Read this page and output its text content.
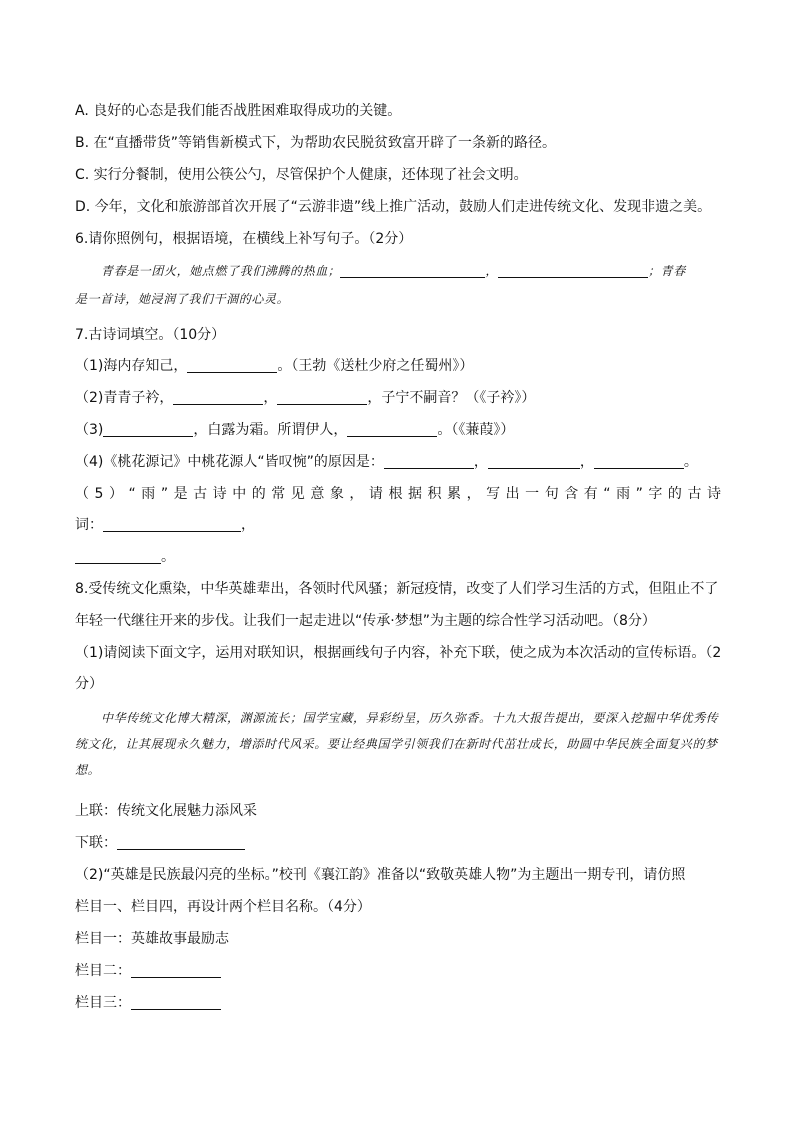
A. 良好的心态是我们能否战胜困难取得成功的关键。
B. 在“直播带货”等销售新模式下，为帮助农民脱贫致富开辟了一条新的路径。
C. 实行分餐制，使用公筷公勺，尽管保护个人健康，还体现了社会文明。
D. 今年，文化和旅游部首次开展了“云游非遗”线上推广活动，鼓励人们走进传统文化、发现非遗之美。
6.请你照例句，根据语境，在横线上补写句子。（2分）
青春是一团火，她点燃了我们沸腾的热血；	，	；青春
是一首诗，她浸润了我们干涸的心灵。
7.古诗词填空。（10分）
（1)海内存知己，	。（王勃《送杜少府之任蜀州》）
（2)青青子衿，	，	，子宁不嗣音？（《子衿》）
（3)	，白露为霜。所谓伊人，	。（《蒹葭》）
（4)《桃花源记》中桃花源人“皆叹惋”的原因是：	，	，	。
（5）“雨”是古诗中的常见意象，请根据积累，写出一句含有“雨”字的古诗
词：	，
。
8.受传统文化熏染，中华英雄辈出，各领时代风骚；新冠疫情，改变了人们学习生活的方式，但阻止不了
年轻一代继往开来的步伐。让我们一起走进以“传承·梦想”为主题的综合性学习活动吧。（8分）
（1)请阅读下面文字，运用对联知识，根据画线句子内容，补充下联，使之成为本次活动的宣传标语。（2
分）
中华传统文化博大精深，渊源流长；国学宝藏，异彩纷呈，历久弥香。十九大报告提出，要深入挖掘中华优秀传统文化，让其展现永久魅力，增添时代风采。要让经典国学引领我们在新时代茁壮成长，助圆中华民族全面复兴的梦想。
上联：传统文化展魅力添风采
下联：
（2)“英雄是民族最闪亮的坐标。”校刊《襄江韵》准备以“致敬英雄人物”为主题出一期专刊，请仿照
栏目一、栏目四，再设计两个栏目名称。（4分）
栏目一：英雄故事最励志
栏目二：
栏目三：
